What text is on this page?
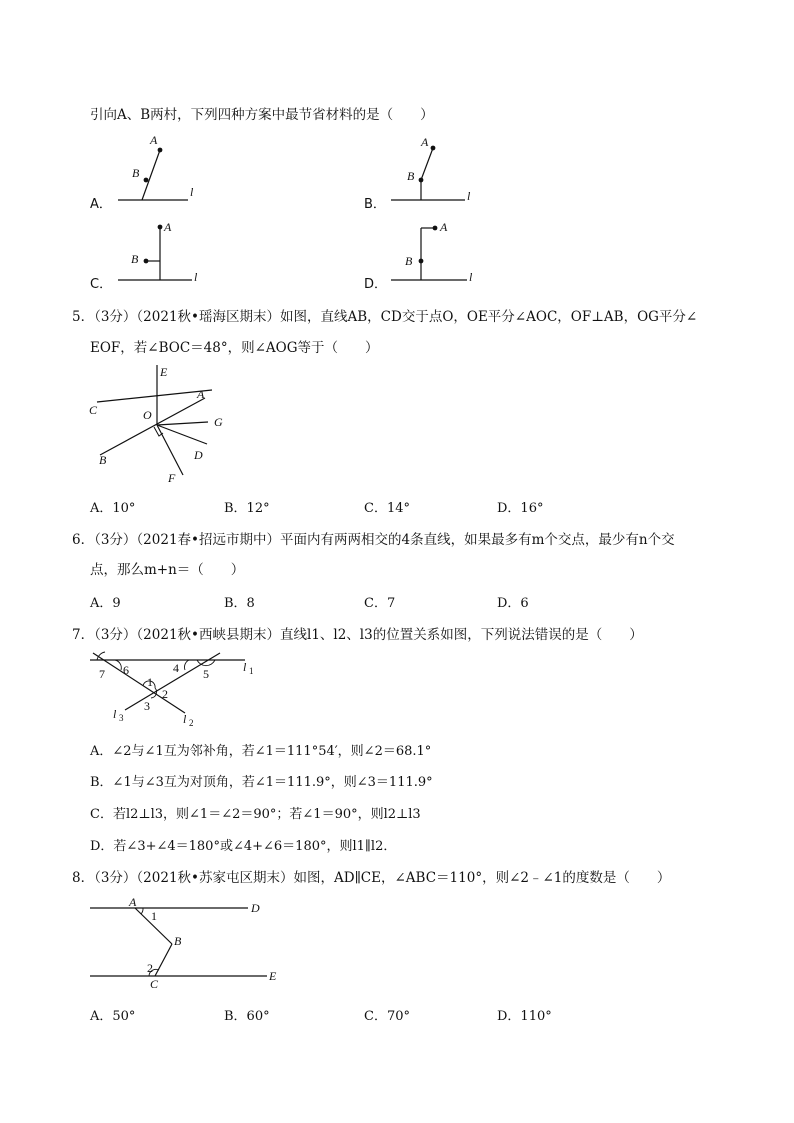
引向A、B两村，下列四种方案中最节省材料的是（　　）
A．
A
B
l
B．
A
B
l
C．
A
B
l	D．
A
B
l
5．（3分）（2021秋•瑶海区期末）如图，直线AB，CD交于点O，OE平分∠AOC，OF⊥AB，OG平分∠
EOF，若∠BOC＝48°，则∠AOG等于（　　）
E
A
C	O	G
B	D
F
A．10°	B．12°	C．14°	D．16°
6．（3分）（2021春•招远市期中）平面内有两两相交的4条直线，如果最多有m个交点，最少有n个交
点，那么m+n＝（　　）
A．9	B．8	C．7	D．6
7．（3分）（2021秋•西峡县期末）直线l1、l2、l3的位置关系如图，下列说法错误的是（　　）
7 6	4 5
1
2
3
l 1
l 2
l 3
A．∠2与∠1互为邻补角，若∠1＝111°54′，则∠2＝68.1°
B．∠1与∠3互为对顶角，若∠1＝111.9°，则∠3＝111.9°
C．若l2⊥l3，则∠1＝∠2＝90°；若∠1＝90°，则l2⊥l3
D．若∠3+∠4＝180°或∠4+∠6＝180°，则l1∥l2．
8．（3分）（2021秋•苏家屯区期末）如图，AD∥CE，∠ABC＝110°，则∠2﹣∠1的度数是（　　）
A	D
B
C
E
1
2
A．50°	B．60°	C．70°	D．110°
